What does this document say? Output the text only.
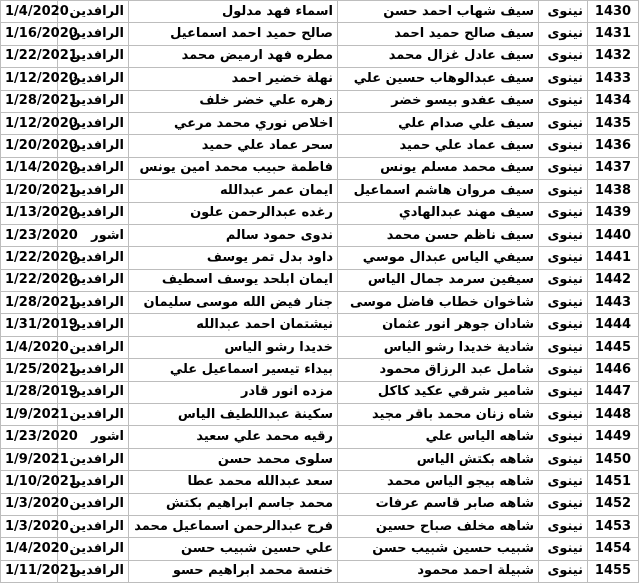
1430	نينوى	سيف شهاب احمد حسن	اسماء فهد مدلول	الرافدين	1/4/2020
1431	نينوى	سيف صالح حميد احمد	صالح حميد احمد اسماعيل	الرافدين	1/16/2020
1432	نينوى	سيف عادل غزال محمد	مطره فهد ارميض محمد	الرافدين	1/22/2021
1433	نينوى	سيف عبدالوهاب حسين علي	نهلة خضير احمد	الرافدين	1/12/2020
1434	نينوى	سيف عفدو بيسو خضر	زهره علي خضر خلف	الرافدين	1/28/2021
1435	نينوى	سيف علي صدام علي	اخلاص نوري محمد مرعي	الرافدين	1/12/2020
1436	نينوى	سيف عماد علي حميد	سحر عماد علي حميد	الرافدين	1/20/2020
1437	نينوى	سيف محمد مسلم يونس	فاطمة حبيب محمد امين يونس	الرافدين	1/14/2020
1438	نينوى	سيف مروان هاشم اسماعيل	ايمان عمر عبدالله	الرافدين	1/20/2021
1439	نينوى	سيف مهند عبدالهادي	رغده عبدالرحمن علون	الرافدين	1/13/2020
1440	نينوى	سيف ناظم حسن محمد	ندوى حمود سالم	اشور	1/23/2020
1441	نينوى	سيفي الياس عبدال موسي	داود بدل تمر يوسف	الرافدين	1/22/2020
1442	نينوى	سيفين سرمد جمال الياس	ايمان ابلحد يوسف اسطيف	الرافدين	1/22/2020
1443	نينوى	شاخوان خطاب فاضل موسى	جنار فيض الله موسى سليمان	الرافدين	1/28/2021
1444	نينوى	شادان جوهر انور عثمان	نيشتمان احمد عبدالله	الرافدين	1/31/2019
1445	نينوى	شادية خديدا رشو الياس	خديدا رشو الياس	الرافدين	1/4/2020
1446	نينوى	شامل عبد الرزاق محمود	بيداء تيسير اسماعيل علي	الرافدين	1/25/2021
1447	نينوى	شامير شرقي عكيد كاكل	مزده انور قادر	الرافدين	1/28/2019
1448	نينوى	شاه زنان محمد باقر مجيد	سكينة عبداللطيف الياس	الرافدين	1/9/2021
1449	نينوى	شاهه الياس علي	رقيه محمد علي سعيد	اشور	1/23/2020
1450	نينوى	شاهه بكتش الياس	سلوى محمد حسن	الرافدين	1/9/2021
1451	نينوى	شاهه بيجو الياس محمد	سعد عبدالله محمد عطا	الرافدين	1/10/2021
1452	نينوى	شاهه صابر قاسم عرفات	محمد جاسم ابراهيم بكتش	الرافدين	1/3/2020
1453	نينوى	شاهه مخلف صباح حسين	فرح عبدالرحمن اسماعيل محمد	الرافدين	1/3/2020
1454	نينوى	شبيب حسين شبيب حسن	علي حسين شبيب حسن	الرافدين	1/4/2020
1455	نينوى	شبيلة احمد محمود	خنسة محمد ابراهيم حسو	الرافدين	1/11/2021
